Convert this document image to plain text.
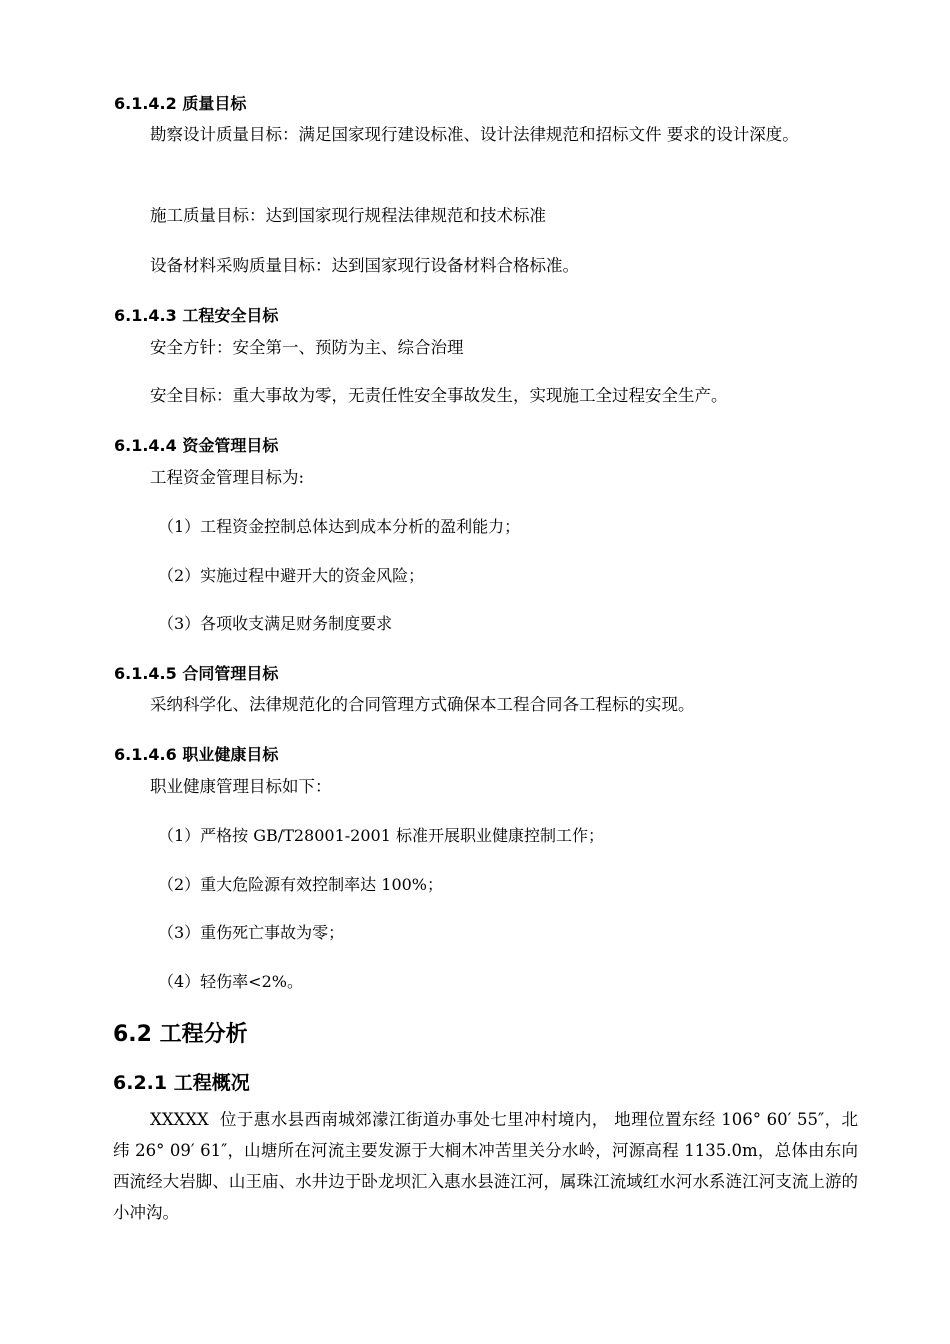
6.1.4.2 质量目标

勘察设计质量目标：满足国家现行建设标准、设计法律规范和招标文件 要求的设计深度。

施工质量目标：达到国家现行规程法律规范和技术标准

设备材料采购质量目标：达到国家现行设备材料合格标准。

6.1.4.3 工程安全目标

安全方针：安全第一、预防为主、综合治理

安全目标：重大事故为零，无责任性安全事故发生，实现施工全过程安全生产。

6.1.4.4 资金管理目标

工程资金管理目标为:

（1）工程资金控制总体达到成本分析的盈利能力；

（2）实施过程中避开大的资金风险；

（3）各项收支满足财务制度要求

6.1.4.5 合同管理目标

采纳科学化、法律规范化的合同管理方式确保本工程合同各工程标的实现。

6.1.4.6 职业健康目标

职业健康管理目标如下：

（1）严格按 GB/T28001-2001 标准开展职业健康控制工作；

（2）重大危险源有效控制率达 100%；

（3）重伤死亡事故为零；

（4）轻伤率<2%。

6.2 工程分析
6.2.1 工程概况

XXXXX  位于惠水县西南城郊濛江街道办事处七里冲村境内， 地理位置东经 106° 60′ 55″，北纬 26° 09′ 61″，山塘所在河流主要发源于大榈木冲苦里关分水岭，河源高程 1135.0m，总体由东向西流经大岩脚、山王庙、水井边于卧龙坝汇入惠水县涟江河，属珠江流域红水河水系涟江河支流上游的小冲沟。
